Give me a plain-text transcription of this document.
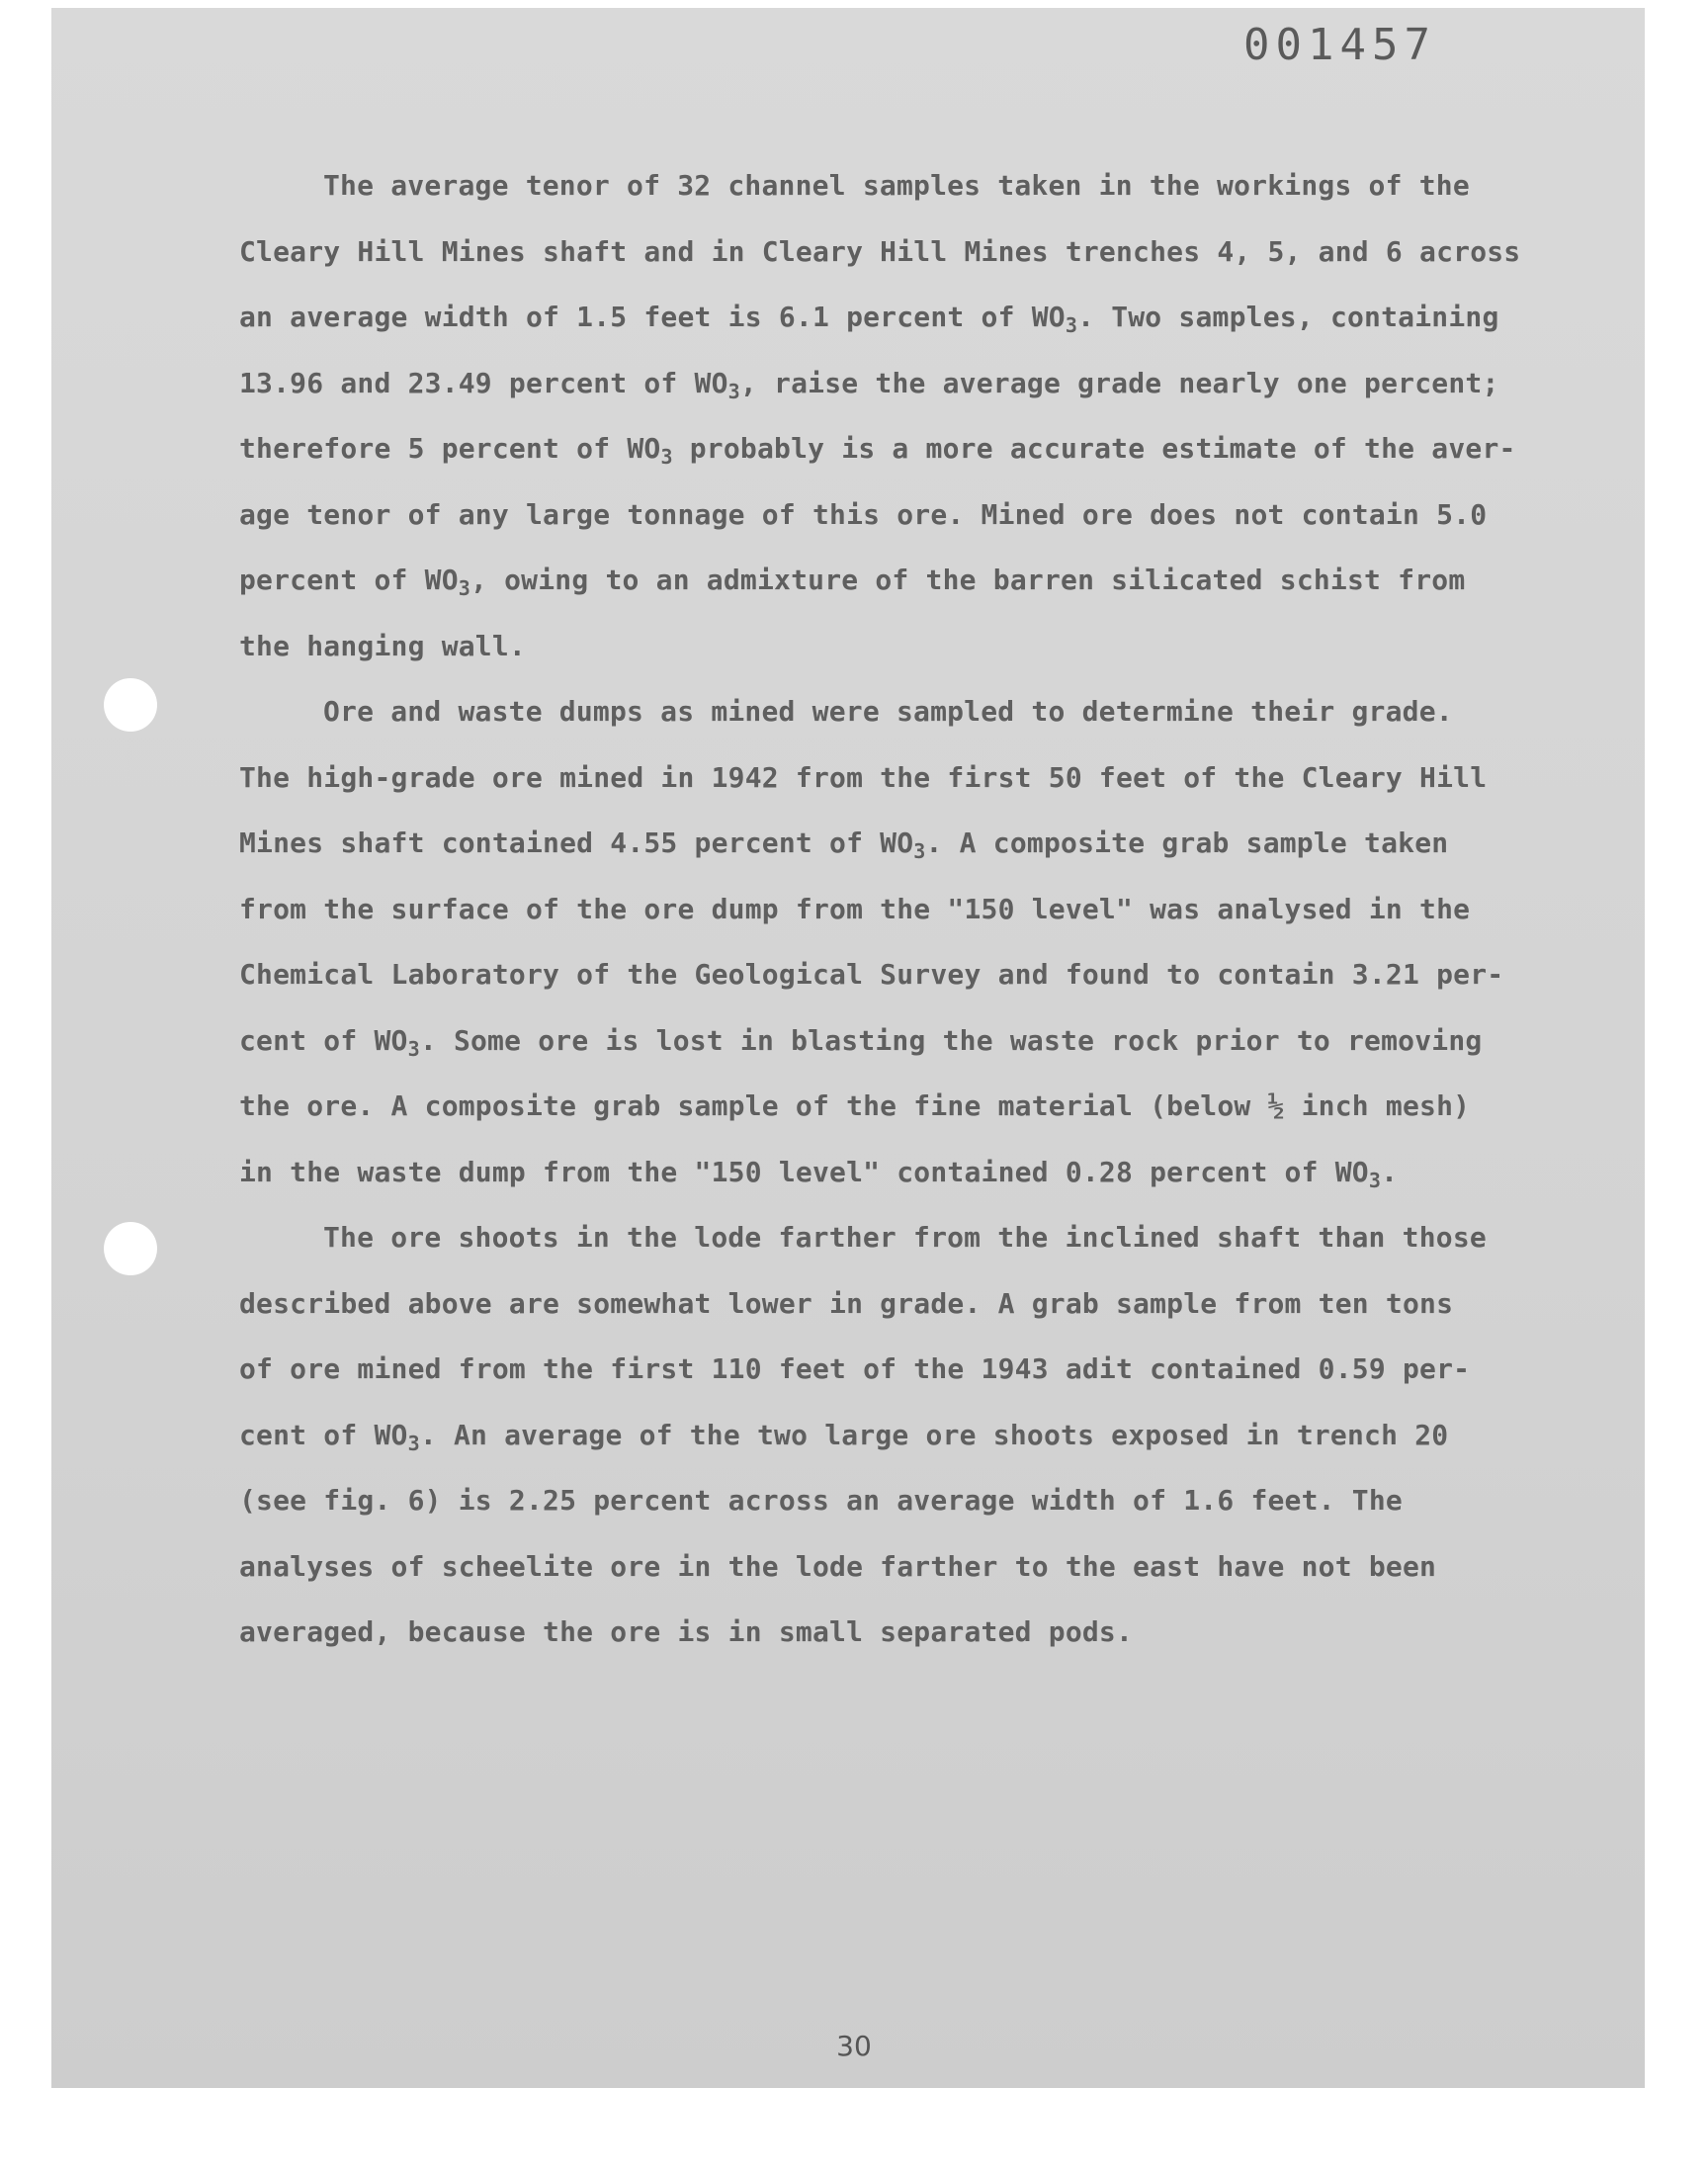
001457
The average tenor of 32 channel samples taken in the workings of the
Cleary Hill Mines shaft and in Cleary Hill Mines trenches 4, 5, and 6 across
an average width of 1.5 feet is 6.1 percent of $WO_3$. Two samples, containing
13.96 and 23.49 percent of $WO_3$, raise the average grade nearly one percent;
therefore 5 percent of $WO_3$ probably is a more accurate estimate of the aver-
age tenor of any large tonnage of this ore. Mined ore does not contain 5.0
percent of $WO_3$, owing to an admixture of the barren silicated schist from
the hanging wall.
Ore and waste dumps as mined were sampled to determine their grade.
The high-grade ore mined in 1942 from the first 50 feet of the Cleary Hill
Mines shaft contained 4.55 percent of $WO_3$. A composite grab sample taken
from the surface of the ore dump from the "150 level" was analysed in the
Chemical Laboratory of the Geological Survey and found to contain 3.21 per-
cent of $WO_3$. Some ore is lost in blasting the waste rock prior to removing
the ore. A composite grab sample of the fine material (below ½ inch mesh)
in the waste dump from the "150 level" contained 0.28 percent of $WO_3$.
The ore shoots in the lode farther from the inclined shaft than those
described above are somewhat lower in grade. A grab sample from ten tons
of ore mined from the first 110 feet of the 1943 adit contained 0.59 per-
cent of $WO_3$. An average of the two large ore shoots exposed in trench 20
(see fig. 6) is 2.25 percent across an average width of 1.6 feet. The
analyses of scheelite ore in the lode farther to the east have not been
averaged, because the ore is in small separated pods.
30
